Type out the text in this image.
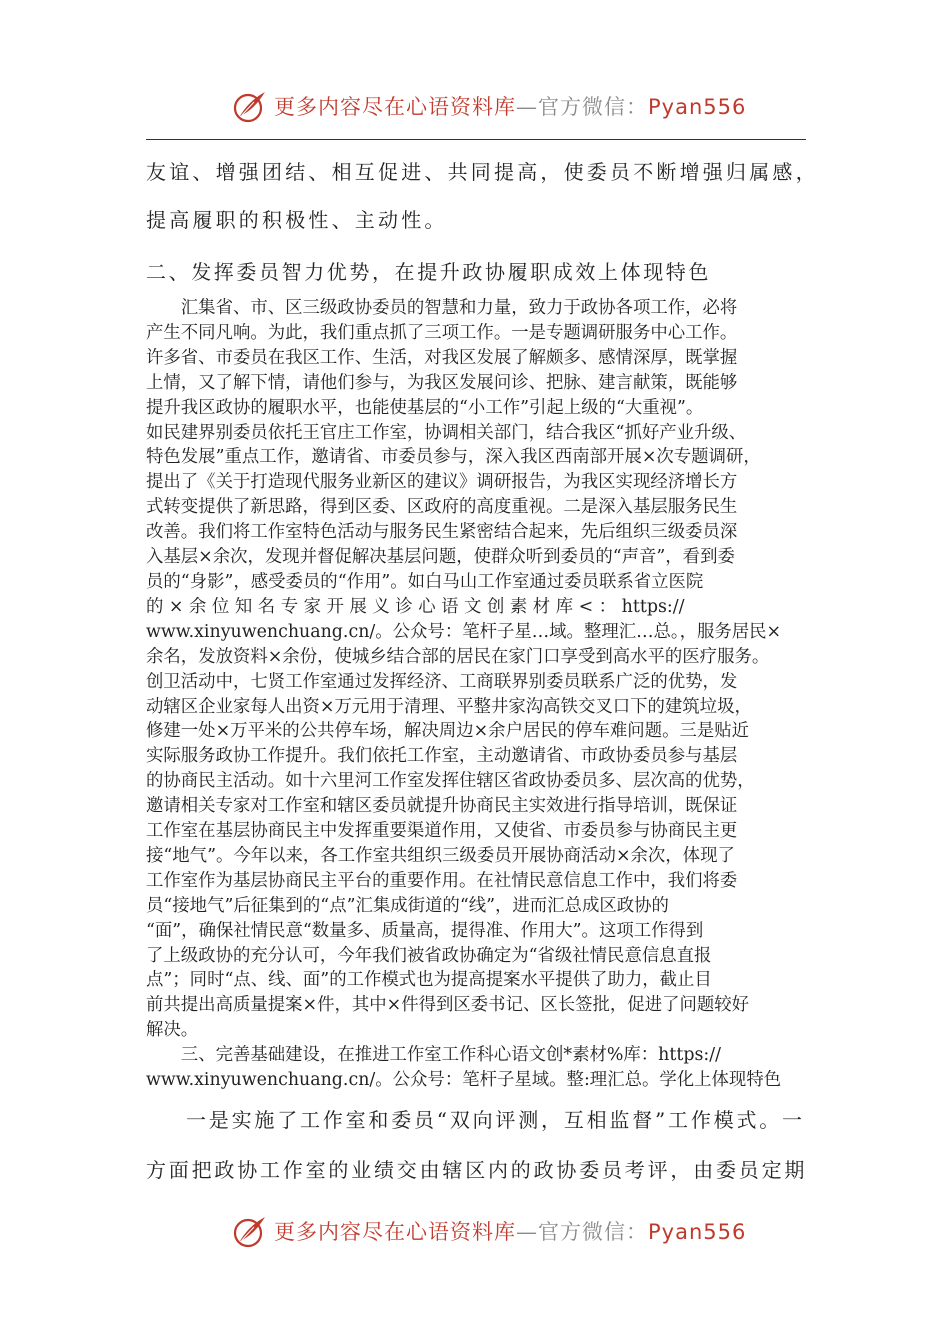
更多内容尽在心语资料库—官方微信：Pyan556
友谊、增强团结、相互促进、共同提高，使委员不断增强归属感，
提高履职的积极性、主动性。
二、发挥委员智力优势，在提升政协履职成效上体现特色
　　汇集省、市、区三级政协委员的智慧和力量，致力于政协各项工作，必将
产生不同凡响。为此，我们重点抓了三项工作。一是专题调研服务中心工作。
许多省、市委员在我区工作、生活，对我区发展了解颇多、感情深厚，既掌握
上情，又了解下情，请他们参与，为我区发展问诊、把脉、建言献策，既能够
提升我区政协的履职水平，也能使基层的“小工作”引起上级的“大重视”。
如民建界别委员依托王官庄工作室，协调相关部门，结合我区“抓好产业升级、
特色发展”重点工作，邀请省、市委员参与，深入我区西南部开展×次专题调研，
提出了《关于打造现代服务业新区的建议》调研报告，为我区实现经济增长方
式转变提供了新思路，得到区委、区政府的高度重视。二是深入基层服务民生
改善。我们将工作室特色活动与服务民生紧密结合起来，先后组织三级委员深
入基层×余次，发现并督促解决基层问题，使群众听到委员的“声音”，看到委
员的“身影”，感受委员的“作用”。如白马山工作室通过委员联系省立医院
的 × 余 位 知 名 专 家 开 展 义 诊 心 语 文 创 素 材 库 < ： https://
www.xinyuwenchuang.cn/。公众号：笔杆子星…域。整理汇…总。，服务居民×
余名，发放资料×余份，使城乡结合部的居民在家门口享受到高水平的医疗服务。
创卫活动中，七贤工作室通过发挥经济、工商联界别委员联系广泛的优势，发
动辖区企业家每人出资×万元用于清理、平整井家沟高铁交叉口下的建筑垃圾，
修建一处×万平米的公共停车场，解决周边×余户居民的停车难问题。三是贴近
实际服务政协工作提升。我们依托工作室，主动邀请省、市政协委员参与基层
的协商民主活动。如十六里河工作室发挥住辖区省政协委员多、层次高的优势，
邀请相关专家对工作室和辖区委员就提升协商民主实效进行指导培训，既保证
工作室在基层协商民主中发挥重要渠道作用，又使省、市委员参与协商民主更
接“地气”。今年以来，各工作室共组织三级委员开展协商活动×余次，体现了
工作室作为基层协商民主平台的重要作用。在社情民意信息工作中，我们将委
员“接地气”后征集到的“点”汇集成街道的“线”，进而汇总成区政协的
“面”，确保社情民意“数量多、质量高，提得准、作用大”。这项工作得到
了上级政协的充分认可，今年我们被省政协确定为“省级社情民意信息直报
点”；同时“点、线、面”的工作模式也为提高提案水平提供了助力，截止目
前共提出高质量提案×件，其中×件得到区委书记、区长签批，促进了问题较好
解决。
三、完善基础建设，在推进工作室工作科心语文创*素材%库：https://
www.xinyuwenchuang.cn/。公众号：笔杆子星域。整:理汇总。学化上体现特色
一是实施了工作室和委员“双向评测，互相监督”工作模式。一
方面把政协工作室的业绩交由辖区内的政协委员考评，由委员定期
更多内容尽在心语资料库—官方微信：Pyan556
